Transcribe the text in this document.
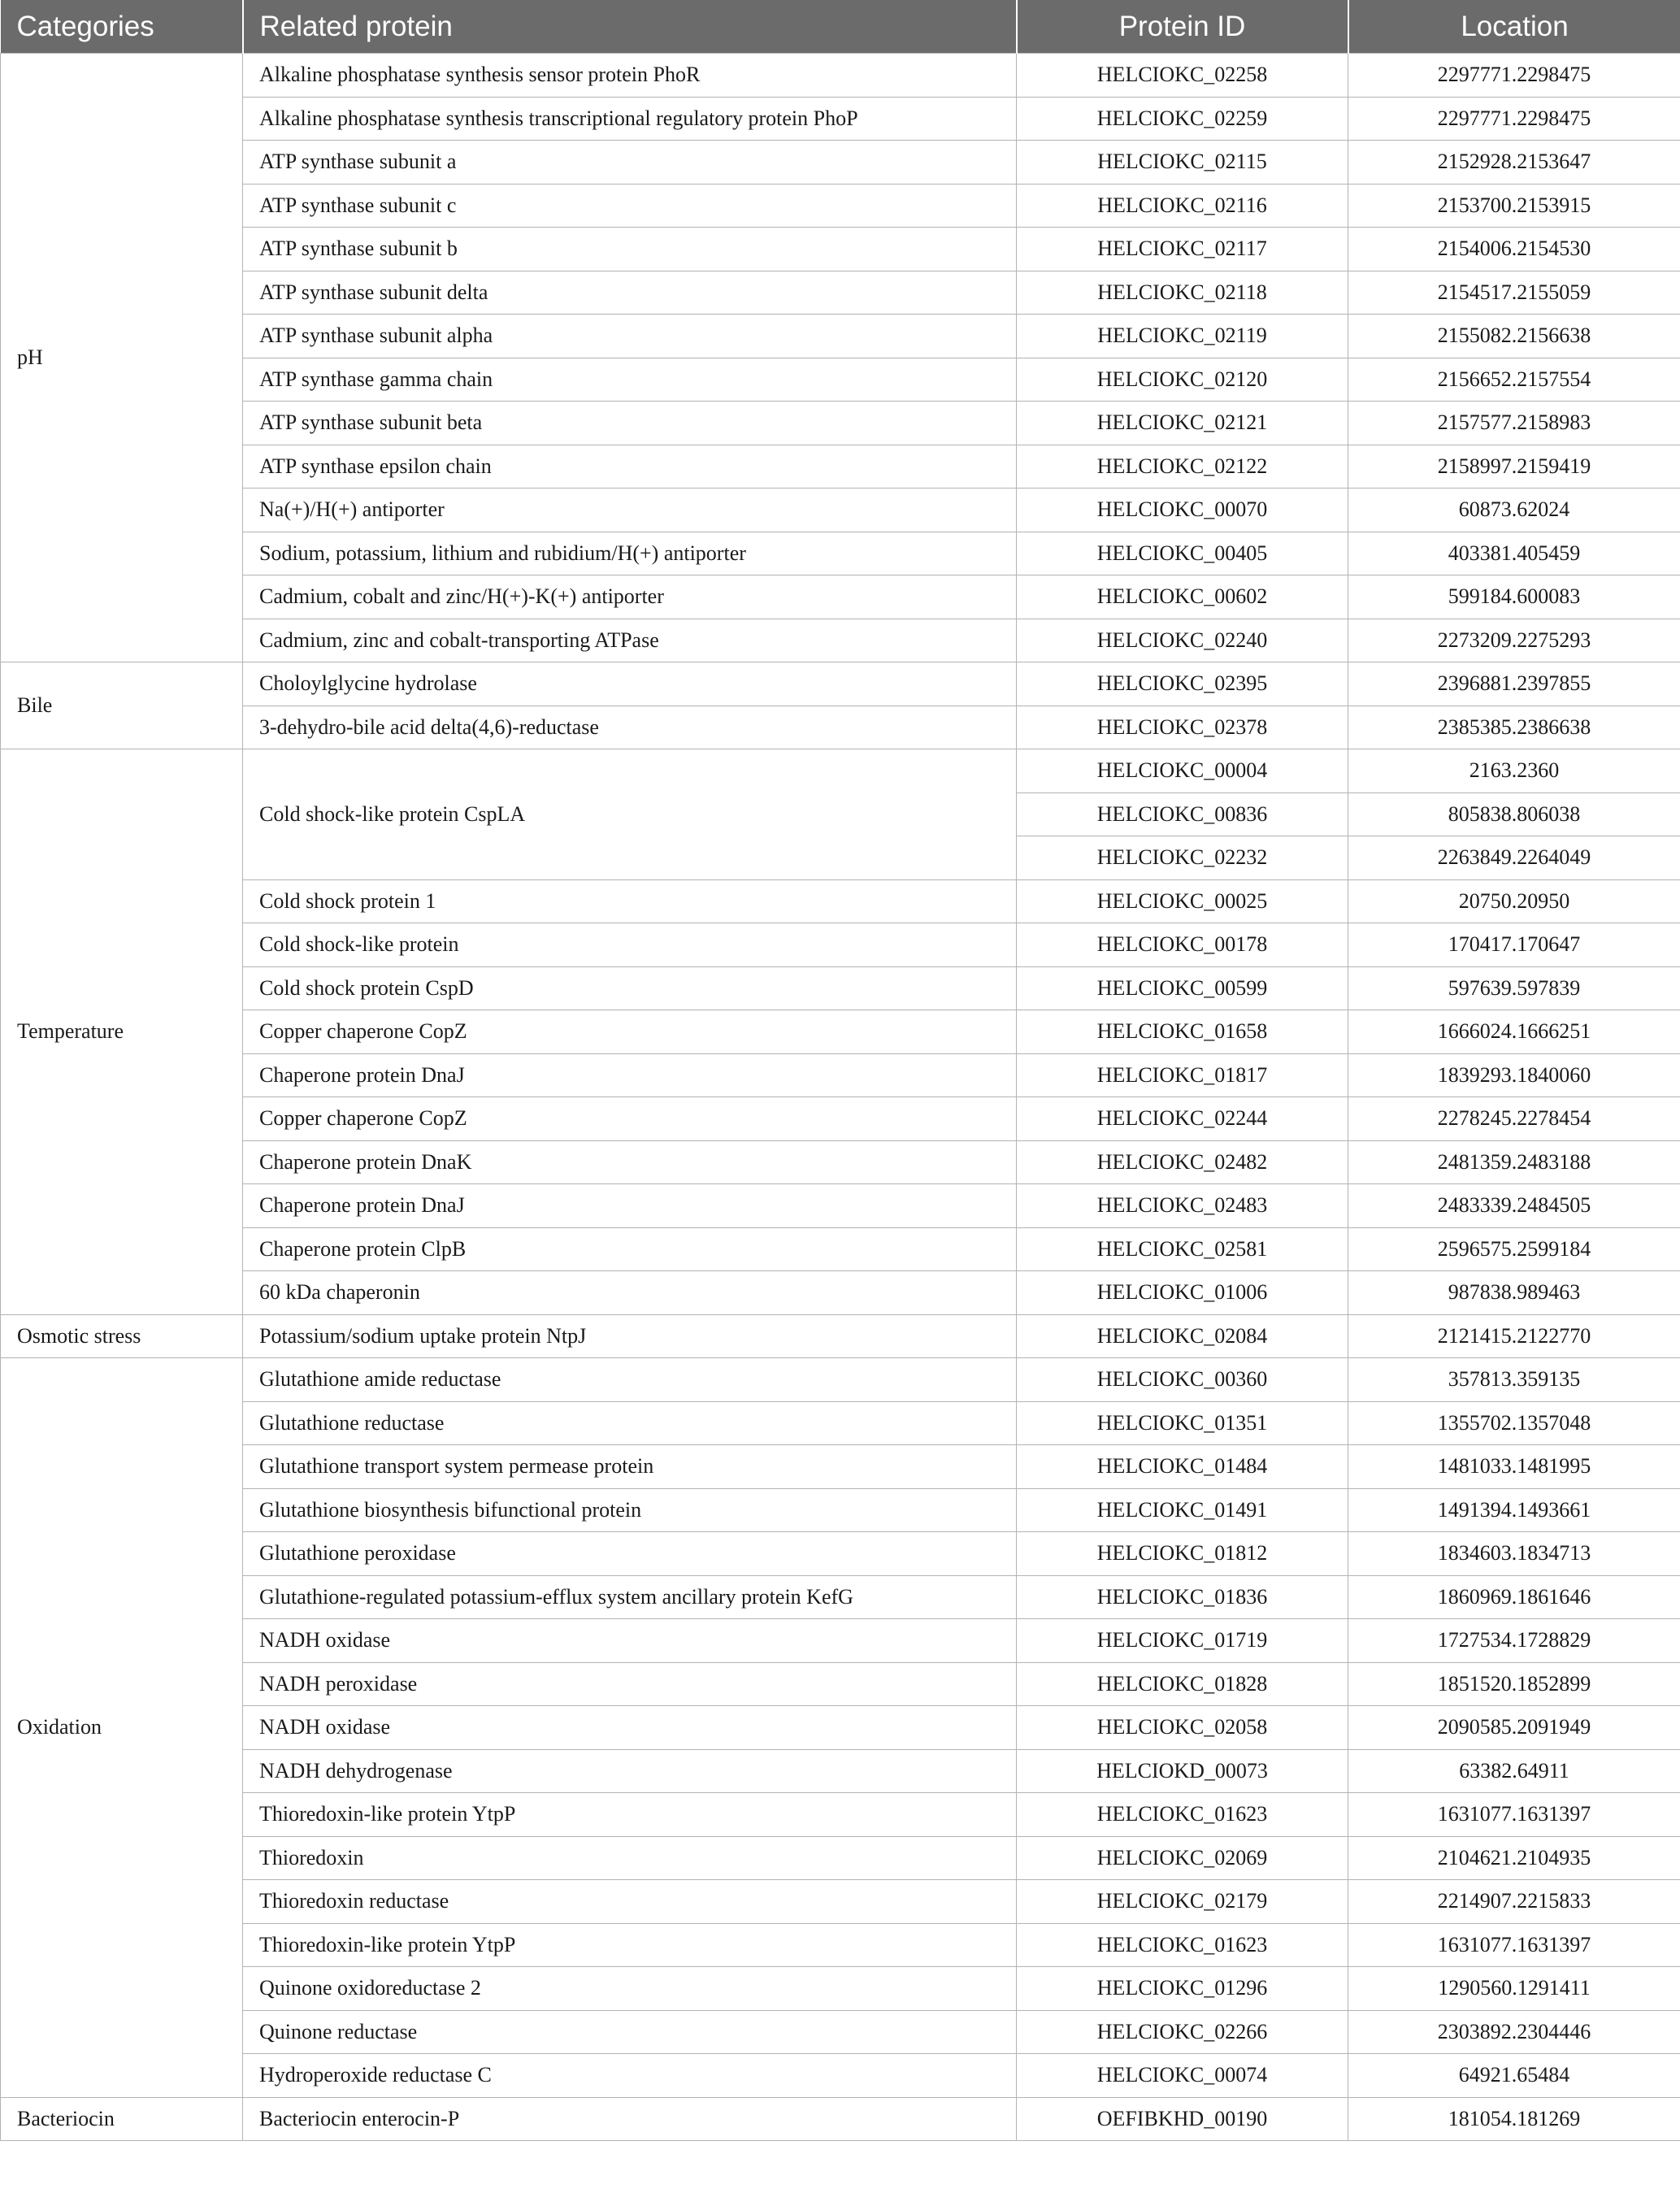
Categories	Related protein	Protein ID	Location
pH	Alkaline phosphatase synthesis sensor protein PhoR	HELCIOKC_02258	2297771.2298475
	Alkaline phosphatase synthesis transcriptional regulatory protein PhoP	HELCIOKC_02259	2297771.2298475
	ATP synthase subunit a	HELCIOKC_02115	2152928.2153647
	ATP synthase subunit c	HELCIOKC_02116	2153700.2153915
	ATP synthase subunit b	HELCIOKC_02117	2154006.2154530
	ATP synthase subunit delta	HELCIOKC_02118	2154517.2155059
	ATP synthase subunit alpha	HELCIOKC_02119	2155082.2156638
	ATP synthase gamma chain	HELCIOKC_02120	2156652.2157554
	ATP synthase subunit beta	HELCIOKC_02121	2157577.2158983
	ATP synthase epsilon chain	HELCIOKC_02122	2158997.2159419
	Na(+)/H(+) antiporter	HELCIOKC_00070	60873.62024
	Sodium, potassium, lithium and rubidium/H(+) antiporter	HELCIOKC_00405	403381.405459
	Cadmium, cobalt and zinc/H(+)-K(+) antiporter	HELCIOKC_00602	599184.600083
	Cadmium, zinc and cobalt-transporting ATPase	HELCIOKC_02240	2273209.2275293
Bile	Choloylglycine hydrolase	HELCIOKC_02395	2396881.2397855
	3-dehydro-bile acid delta(4,6)-reductase	HELCIOKC_02378	2385385.2386638
Temperature	Cold shock-like protein CspLA	HELCIOKC_00004	2163.2360
		HELCIOKC_00836	805838.806038
		HELCIOKC_02232	2263849.2264049
	Cold shock protein 1	HELCIOKC_00025	20750.20950
	Cold shock-like protein	HELCIOKC_00178	170417.170647
	Cold shock protein CspD	HELCIOKC_00599	597639.597839
	Copper chaperone CopZ	HELCIOKC_01658	1666024.1666251
	Chaperone protein DnaJ	HELCIOKC_01817	1839293.1840060
	Copper chaperone CopZ	HELCIOKC_02244	2278245.2278454
	Chaperone protein DnaK	HELCIOKC_02482	2481359.2483188
	Chaperone protein DnaJ	HELCIOKC_02483	2483339.2484505
	Chaperone protein ClpB	HELCIOKC_02581	2596575.2599184
	60 kDa chaperonin	HELCIOKC_01006	987838.989463
Osmotic stress	Potassium/sodium uptake protein NtpJ	HELCIOKC_02084	2121415.2122770
Oxidation	Glutathione amide reductase	HELCIOKC_00360	357813.359135
	Glutathione reductase	HELCIOKC_01351	1355702.1357048
	Glutathione transport system permease protein	HELCIOKC_01484	1481033.1481995
	Glutathione biosynthesis bifunctional protein	HELCIOKC_01491	1491394.1493661
	Glutathione peroxidase	HELCIOKC_01812	1834603.1834713
	Glutathione-regulated potassium-efflux system ancillary protein KefG	HELCIOKC_01836	1860969.1861646
	NADH oxidase	HELCIOKC_01719	1727534.1728829
	NADH peroxidase	HELCIOKC_01828	1851520.1852899
	NADH oxidase	HELCIOKC_02058	2090585.2091949
	NADH dehydrogenase	HELCIOKD_00073	63382.64911
	Thioredoxin-like protein YtpP	HELCIOKC_01623	1631077.1631397
	Thioredoxin	HELCIOKC_02069	2104621.2104935
	Thioredoxin reductase	HELCIOKC_02179	2214907.2215833
	Thioredoxin-like protein YtpP	HELCIOKC_01623	1631077.1631397
	Quinone oxidoreductase 2	HELCIOKC_01296	1290560.1291411
	Quinone reductase	HELCIOKC_02266	2303892.2304446
	Hydroperoxide reductase C	HELCIOKC_00074	64921.65484
Bacteriocin	Bacteriocin enterocin-P	OEFIBKHD_00190	181054.181269
